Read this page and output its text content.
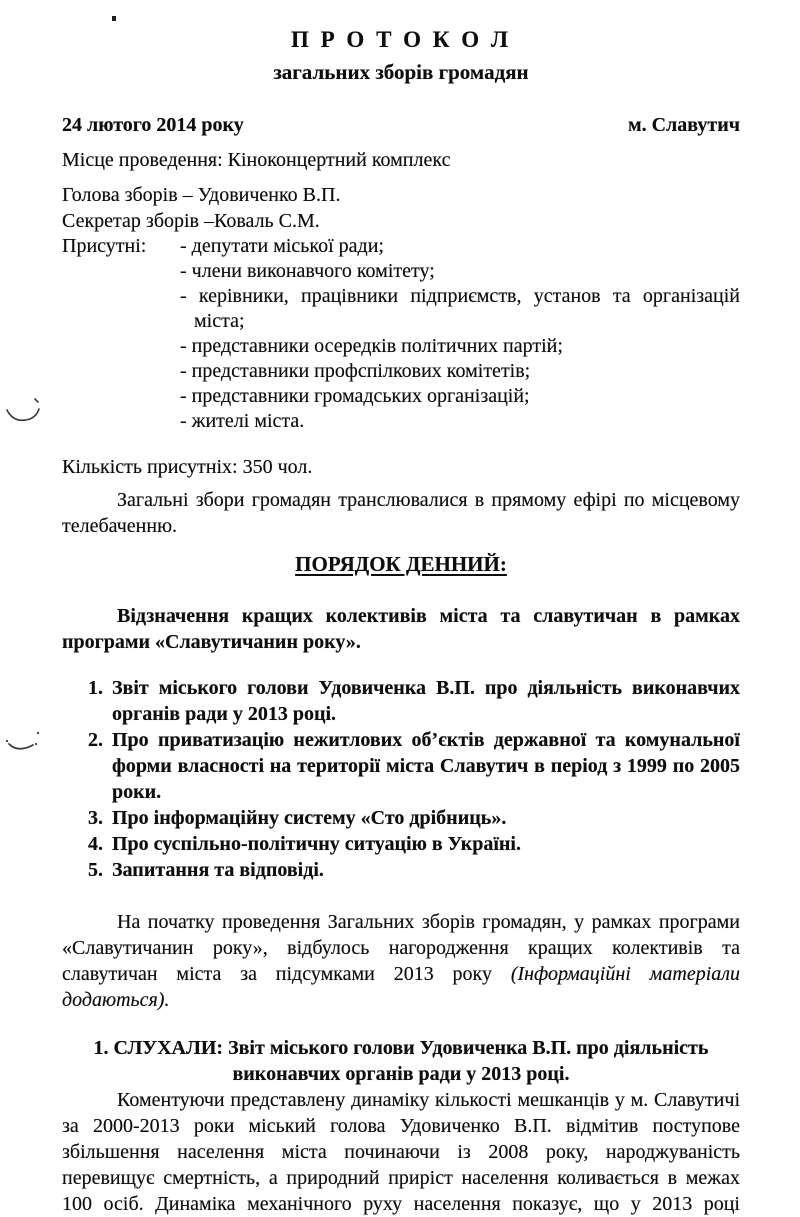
П Р О Т О К О Л
загальних зборів громадян
24 лютого 2014 року	м. Славутич
Місце проведення: Кіноконцертний комплекс
Голова зборів – Удовиченко В.П.
Секретар зборів –Коваль С.М.
Присутні:	- депутати міської ради;
- члени виконавчого комітету;
- керівники, працівники підприємств, установ та організацій міста;
- представники осередків політичних партій;
- представники профспілкових комітетів;
- представники громадських організацій;
- жителі міста.
Кількість присутніх: 350 чол.

Загальні збори громадян транслювалися в прямому ефірі по місцевому телебаченню.

ПОРЯДОК ДЕННИЙ:

Відзначення кращих колективів міста та славутичан в рамках програми «Славутичанин року».

1. Звіт міського голови Удовиченка В.П. про діяльність виконавчих органів ради у 2013 році.
2. Про приватизацію нежитлових об’єктів державної та комунальної форми власності на території міста Славутич в період з 1999 по 2005 роки.
3. Про інформаційну систему «Сто дрібниць».
4. Про суспільно-політичну ситуацію в Україні.
5. Запитання та відповіді.

На початку проведення Загальних зборів громадян, у рамках програми «Славутичанин року», відбулось нагородження кращих колективів та славутичан міста за підсумками 2013 року (Інформаційні матеріали додаються).

1. СЛУХАЛИ: Звіт міського голови Удовиченка В.П. про діяльність виконавчих органів ради у 2013 році.

Коментуючи представлену динаміку кількості мешканців у м. Славутичі за 2000-2013 роки міський голова Удовиченко В.П. відмітив поступове збільшення населення міста починаючи із 2008 року, народжуваність перевищує смертність, а природний приріст населення коливається в межах 100 осіб. Динаміка механічного руху населення показує, що у 2013 році
